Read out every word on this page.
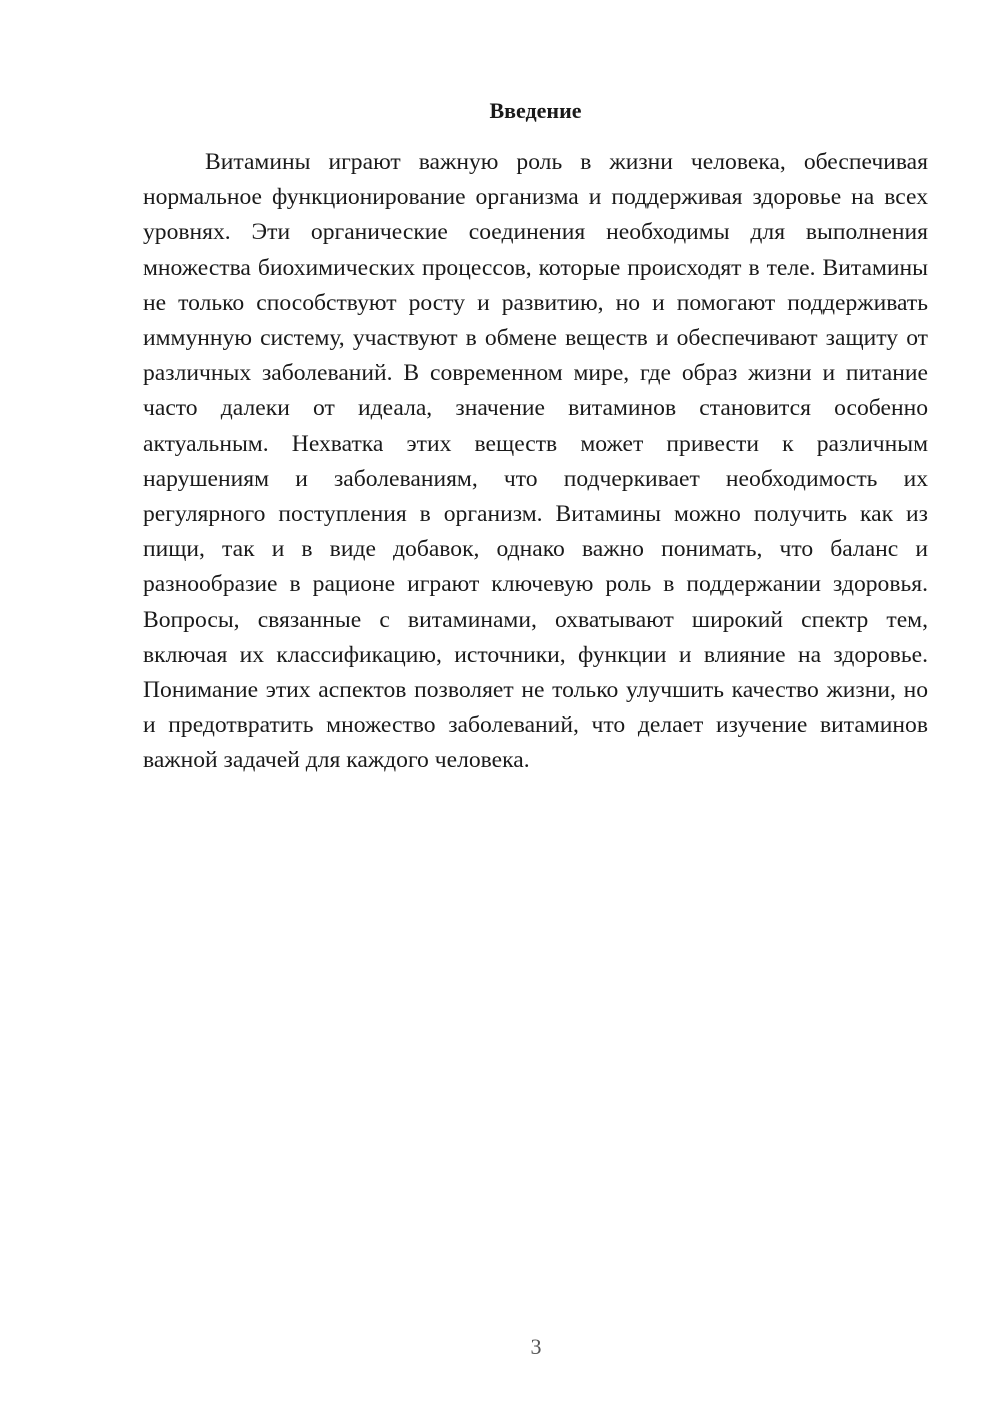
Введение

Витамины играют важную роль в жизни человека, обеспечивая нормальное функционирование организма и поддерживая здоровье на всех уровнях. Эти органические соединения необходимы для выполнения множества биохимических процессов, которые происходят в теле. Витамины не только способствуют росту и развитию, но и помогают поддерживать иммунную систему, участвуют в обмене веществ и обеспечивают защиту от различных заболеваний. В современном мире, где образ жизни и питание часто далеки от идеала, значение витаминов становится особенно актуальным. Нехватка этих веществ может привести к различным нарушениям и заболеваниям, что подчеркивает необходимость их регулярного поступления в организм. Витамины можно получить как из пищи, так и в виде добавок, однако важно понимать, что баланс и разнообразие в рационе играют ключевую роль в поддержании здоровья. Вопросы, связанные с витаминами, охватывают широкий спектр тем, включая их классификацию, источники, функции и влияние на здоровье. Понимание этих аспектов позволяет не только улучшить качество жизни, но и предотвратить множество заболеваний, что делает изучение витаминов важной задачей для каждого человека.

3
